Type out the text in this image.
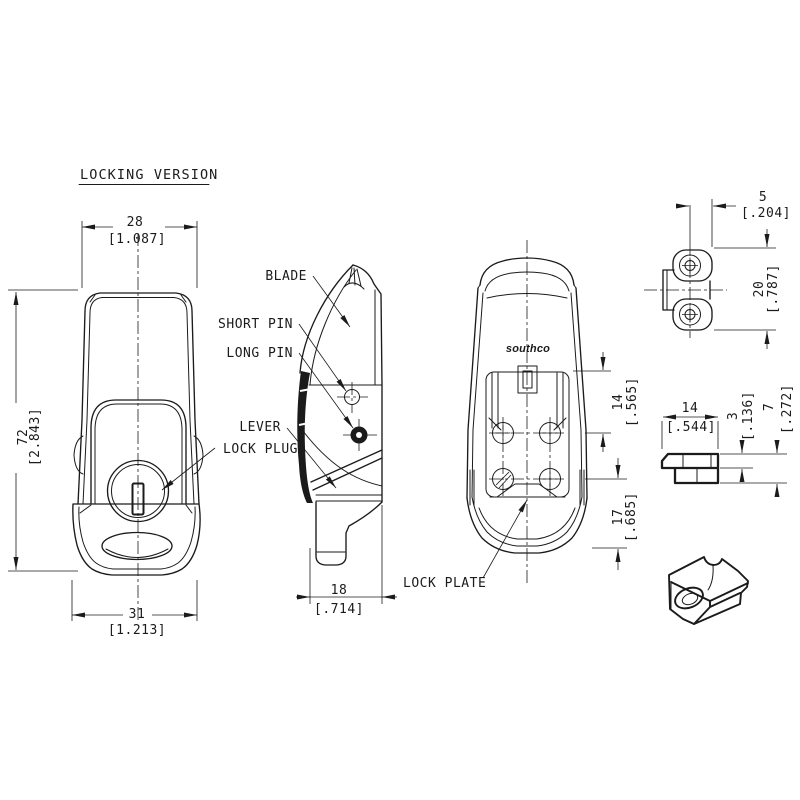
LOCKING VERSION
28
[1.087]
72
[2.843]
31
[1.213]
18
[.714]
BLADE
SHORT PIN
LONG PIN
LEVER
LOCK PLUG
LOCK PLATE
southco
14 [.565]
17
[.685]
5
[.204]
20 [.787]
14
[.544]
3 [.136] 7 [.272]
